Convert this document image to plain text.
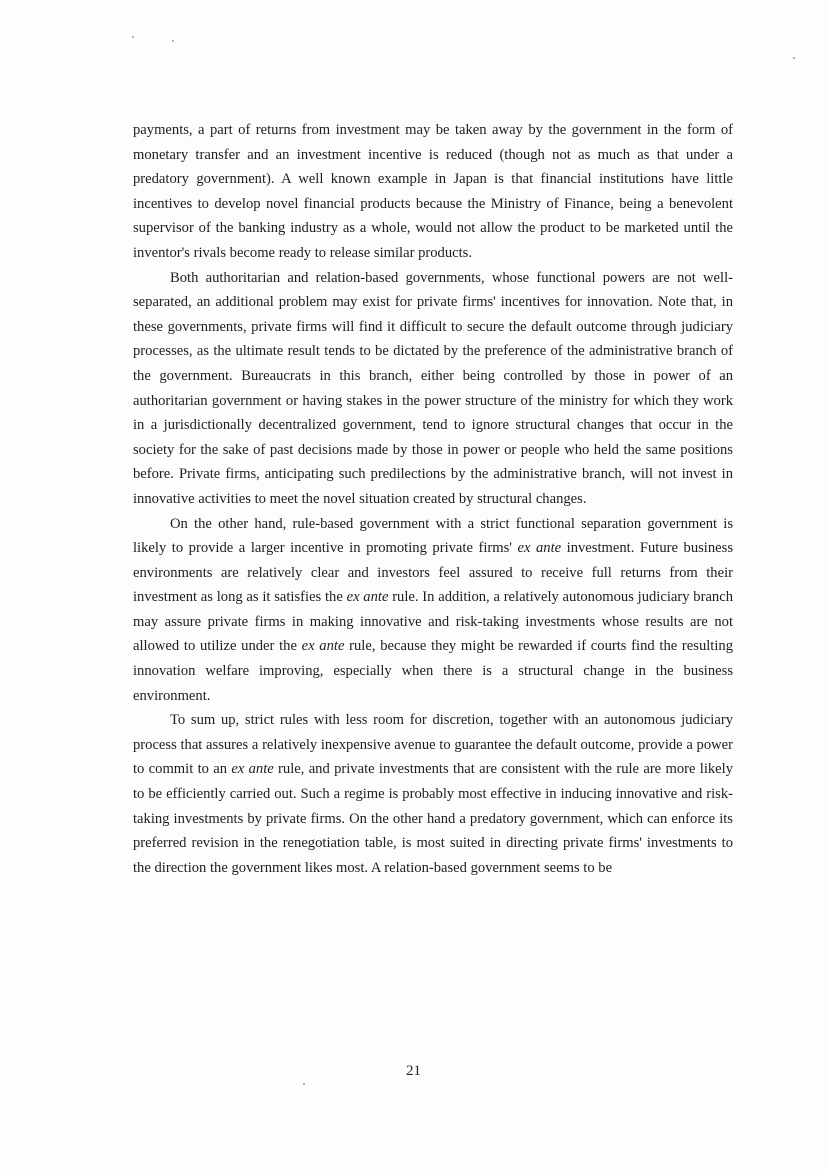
payments, a part of returns from investment may be taken away by the government in the form of monetary transfer and an investment incentive is reduced (though not as much as that under a predatory government). A well known example in Japan is that financial institutions have little incentives to develop novel financial products because the Ministry of Finance, being a benevolent supervisor of the banking industry as a whole, would not allow the product to be marketed until the inventor's rivals become ready to release similar products.

Both authoritarian and relation-based governments, whose functional powers are not well-separated, an additional problem may exist for private firms' incentives for innovation. Note that, in these governments, private firms will find it difficult to secure the default outcome through judiciary processes, as the ultimate result tends to be dictated by the preference of the administrative branch of the government. Bureaucrats in this branch, either being controlled by those in power of an authoritarian government or having stakes in the power structure of the ministry for which they work in a jurisdictionally decentralized government, tend to ignore structural changes that occur in the society for the sake of past decisions made by those in power or people who held the same positions before. Private firms, anticipating such predilections by the administrative branch, will not invest in innovative activities to meet the novel situation created by structural changes.

On the other hand, rule-based government with a strict functional separation government is likely to provide a larger incentive in promoting private firms' ex ante investment. Future business environments are relatively clear and investors feel assured to receive full returns from their investment as long as it satisfies the ex ante rule. In addition, a relatively autonomous judiciary branch may assure private firms in making innovative and risk-taking investments whose results are not allowed to utilize under the ex ante rule, because they might be rewarded if courts find the resulting innovation welfare improving, especially when there is a structural change in the business environment.

To sum up, strict rules with less room for discretion, together with an autonomous judiciary process that assures a relatively inexpensive avenue to guarantee the default outcome, provide a power to commit to an ex ante rule, and private investments that are consistent with the rule are more likely to be efficiently carried out. Such a regime is probably most effective in inducing innovative and risk-taking investments by private firms. On the other hand a predatory government, which can enforce its preferred revision in the renegotiation table, is most suited in directing private firms' investments to the direction the government likes most. A relation-based government seems to be

21
